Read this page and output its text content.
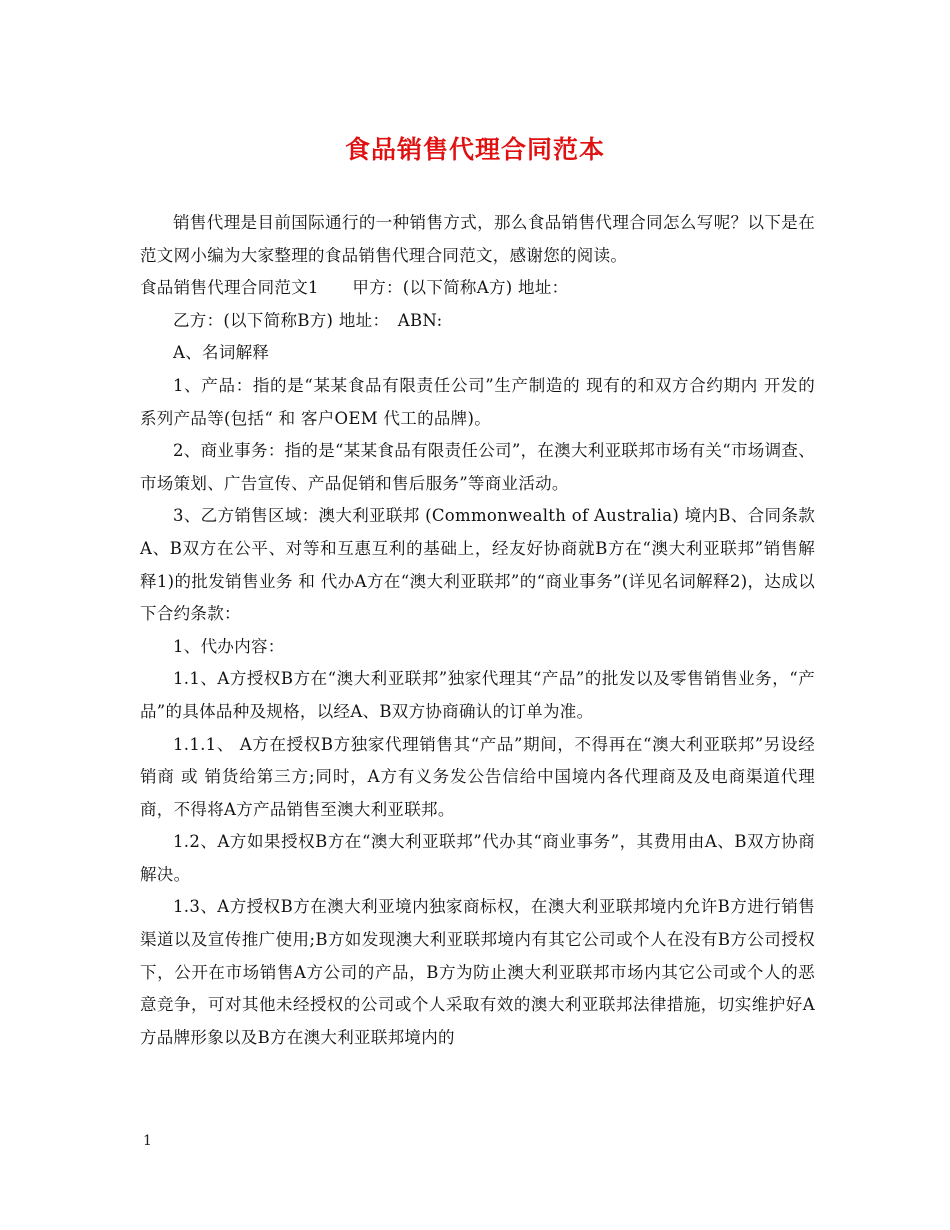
食品销售代理合同范本

销售代理是目前国际通行的一种销售方式，那么食品销售代理合同怎么写呢？以下是在范文网小编为大家整理的食品销售代理合同范文，感谢您的阅读。

食品销售代理合同范文1　　甲方：(以下简称A方) 地址：

乙方：(以下简称B方) 地址：　ABN:

A、名词解释

1、产品：指的是“某某食品有限责任公司”生产制造的 现有的和双方合约期内 开发的系列产品等(包括“ 和 客户OEM 代工的品牌)。

2、商业事务：指的是“某某食品有限责任公司”，在澳大利亚联邦市场有关“市场调查、市场策划、广告宣传、产品促销和售后服务”等商业活动。

3、乙方销售区域：澳大利亚联邦 (Commonwealth of Australia) 境内B、合同条款A、B双方在公平、对等和互惠互利的基础上，经友好协商就B方在“澳大利亚联邦”销售解释1)的批发销售业务 和 代办A方在“澳大利亚联邦”的“商业事务”(详见名词解释2)，达成以下合约条款：

1、代办内容：

1.1、A方授权B方在“澳大利亚联邦”独家代理其“产品”的批发以及零售销售业务，“产品”的具体品种及规格，以经A、B双方协商确认的订单为准。

1.1.1、 A方在授权B方独家代理销售其“产品”期间，不得再在“澳大利亚联邦”另设经销商 或 销货给第三方;同时，A方有义务发公告信给中国境内各代理商及及电商渠道代理商，不得将A方产品销售至澳大利亚联邦。

1.2、A方如果授权B方在“澳大利亚联邦”代办其“商业事务”，其费用由A、B双方协商解决。

1.3、A方授权B方在澳大利亚境内独家商标权，在澳大利亚联邦境内允许B方进行销售渠道以及宣传推广使用;B方如发现澳大利亚联邦境内有其它公司或个人在没有B方公司授权下，公开在市场销售A方公司的产品，B方为防止澳大利亚联邦市场内其它公司或个人的恶意竞争，可对其他未经授权的公司或个人采取有效的澳大利亚联邦法律措施，切实维护好A方品牌形象以及B方在澳大利亚联邦境内的

1
